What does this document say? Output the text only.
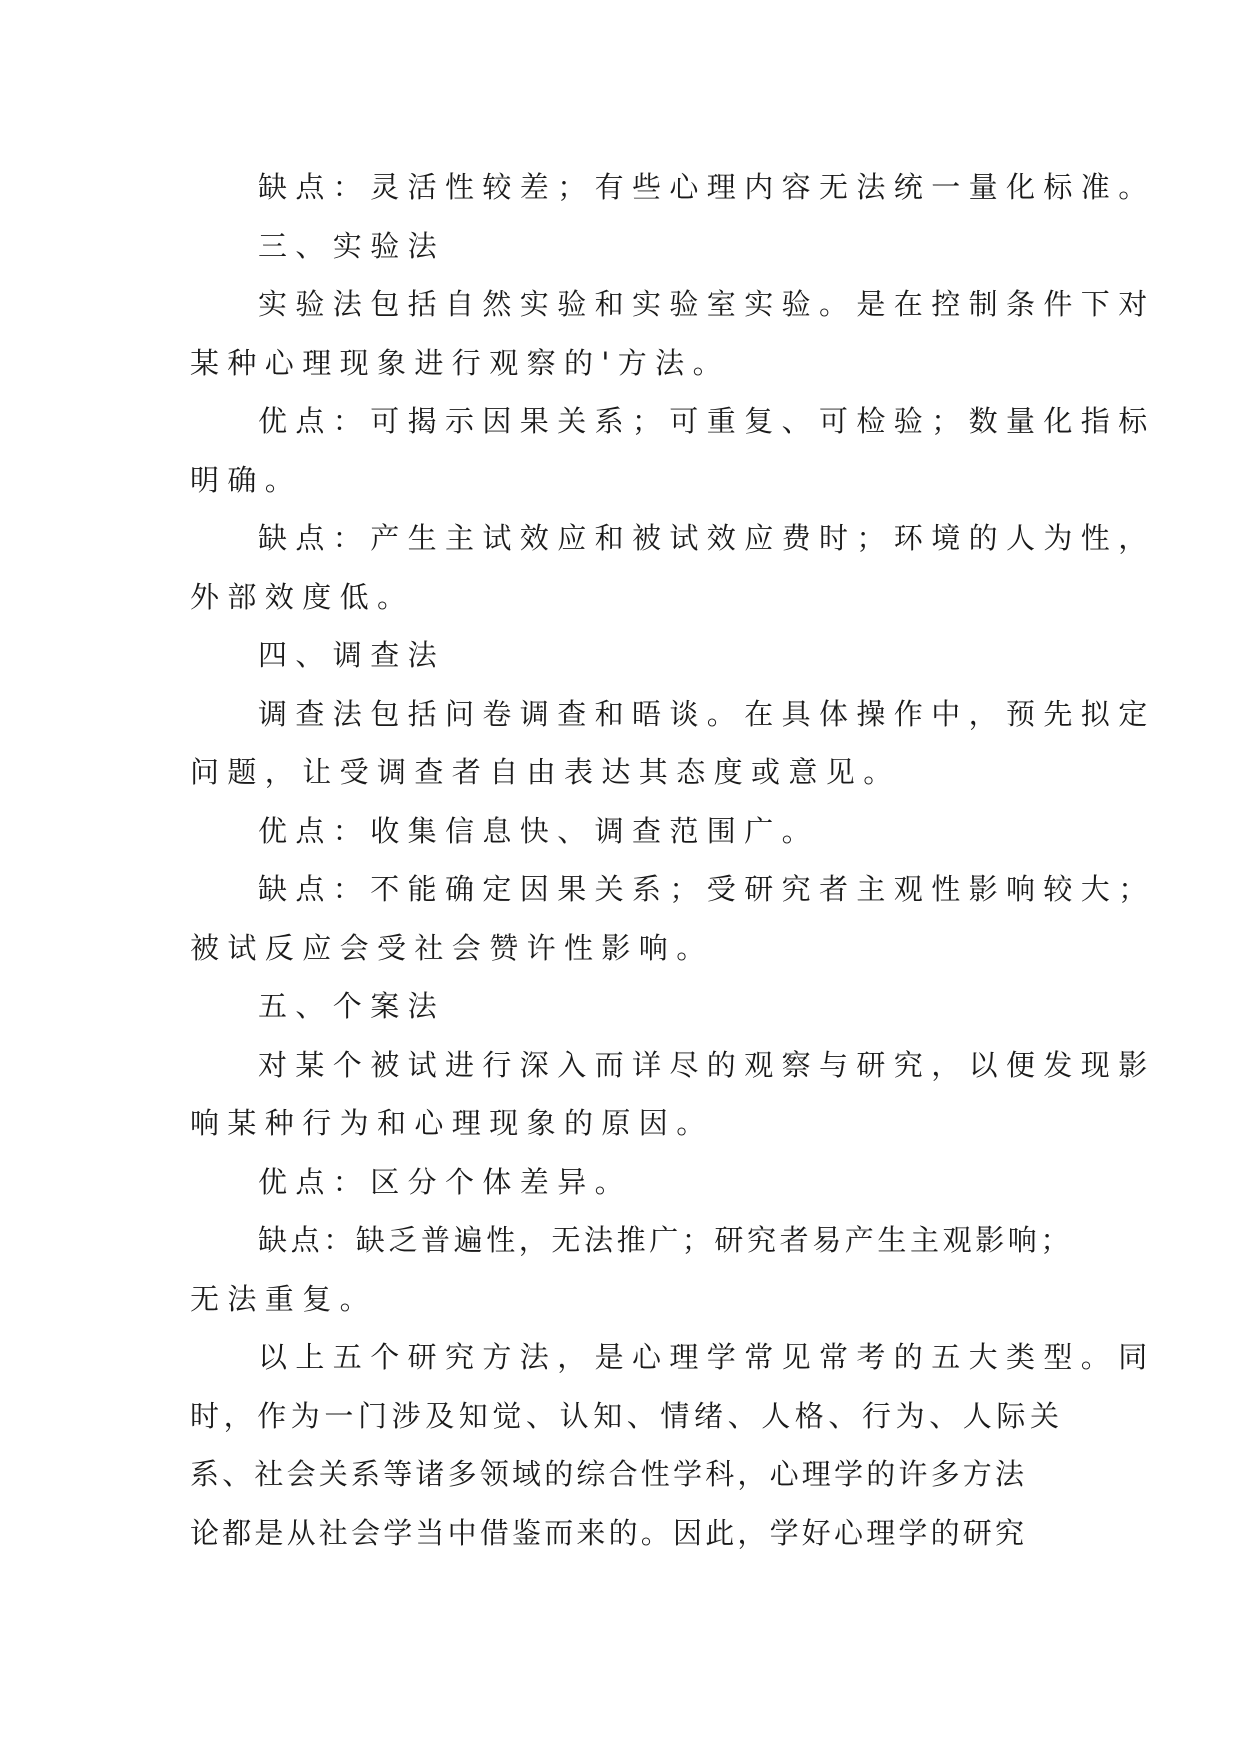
缺点：灵活性较差；有些心理内容无法统一量化标准。
三、实验法
实验法包括自然实验和实验室实验。是在控制条件下对
某种心理现象进行观察的'方法。
优点：可揭示因果关系；可重复、可检验；数量化指标
明确。
缺点：产生主试效应和被试效应费时；环境的人为性，
外部效度低。
四、调查法
调查法包括问卷调查和晤谈。在具体操作中，预先拟定
问题，让受调查者自由表达其态度或意见。
优点：收集信息快、调查范围广。
缺点：不能确定因果关系；受研究者主观性影响较大；
被试反应会受社会赞许性影响。
五、个案法
对某个被试进行深入而详尽的观察与研究，以便发现影
响某种行为和心理现象的原因。
优点：区分个体差异。
缺点：缺乏普遍性，无法推广；研究者易产生主观影响；
无法重复。
以上五个研究方法，是心理学常见常考的五大类型。同
时，作为一门涉及知觉、认知、情绪、人格、行为、人际关
系、社会关系等诸多领域的综合性学科，心理学的许多方法
论都是从社会学当中借鉴而来的。因此，学好心理学的研究
